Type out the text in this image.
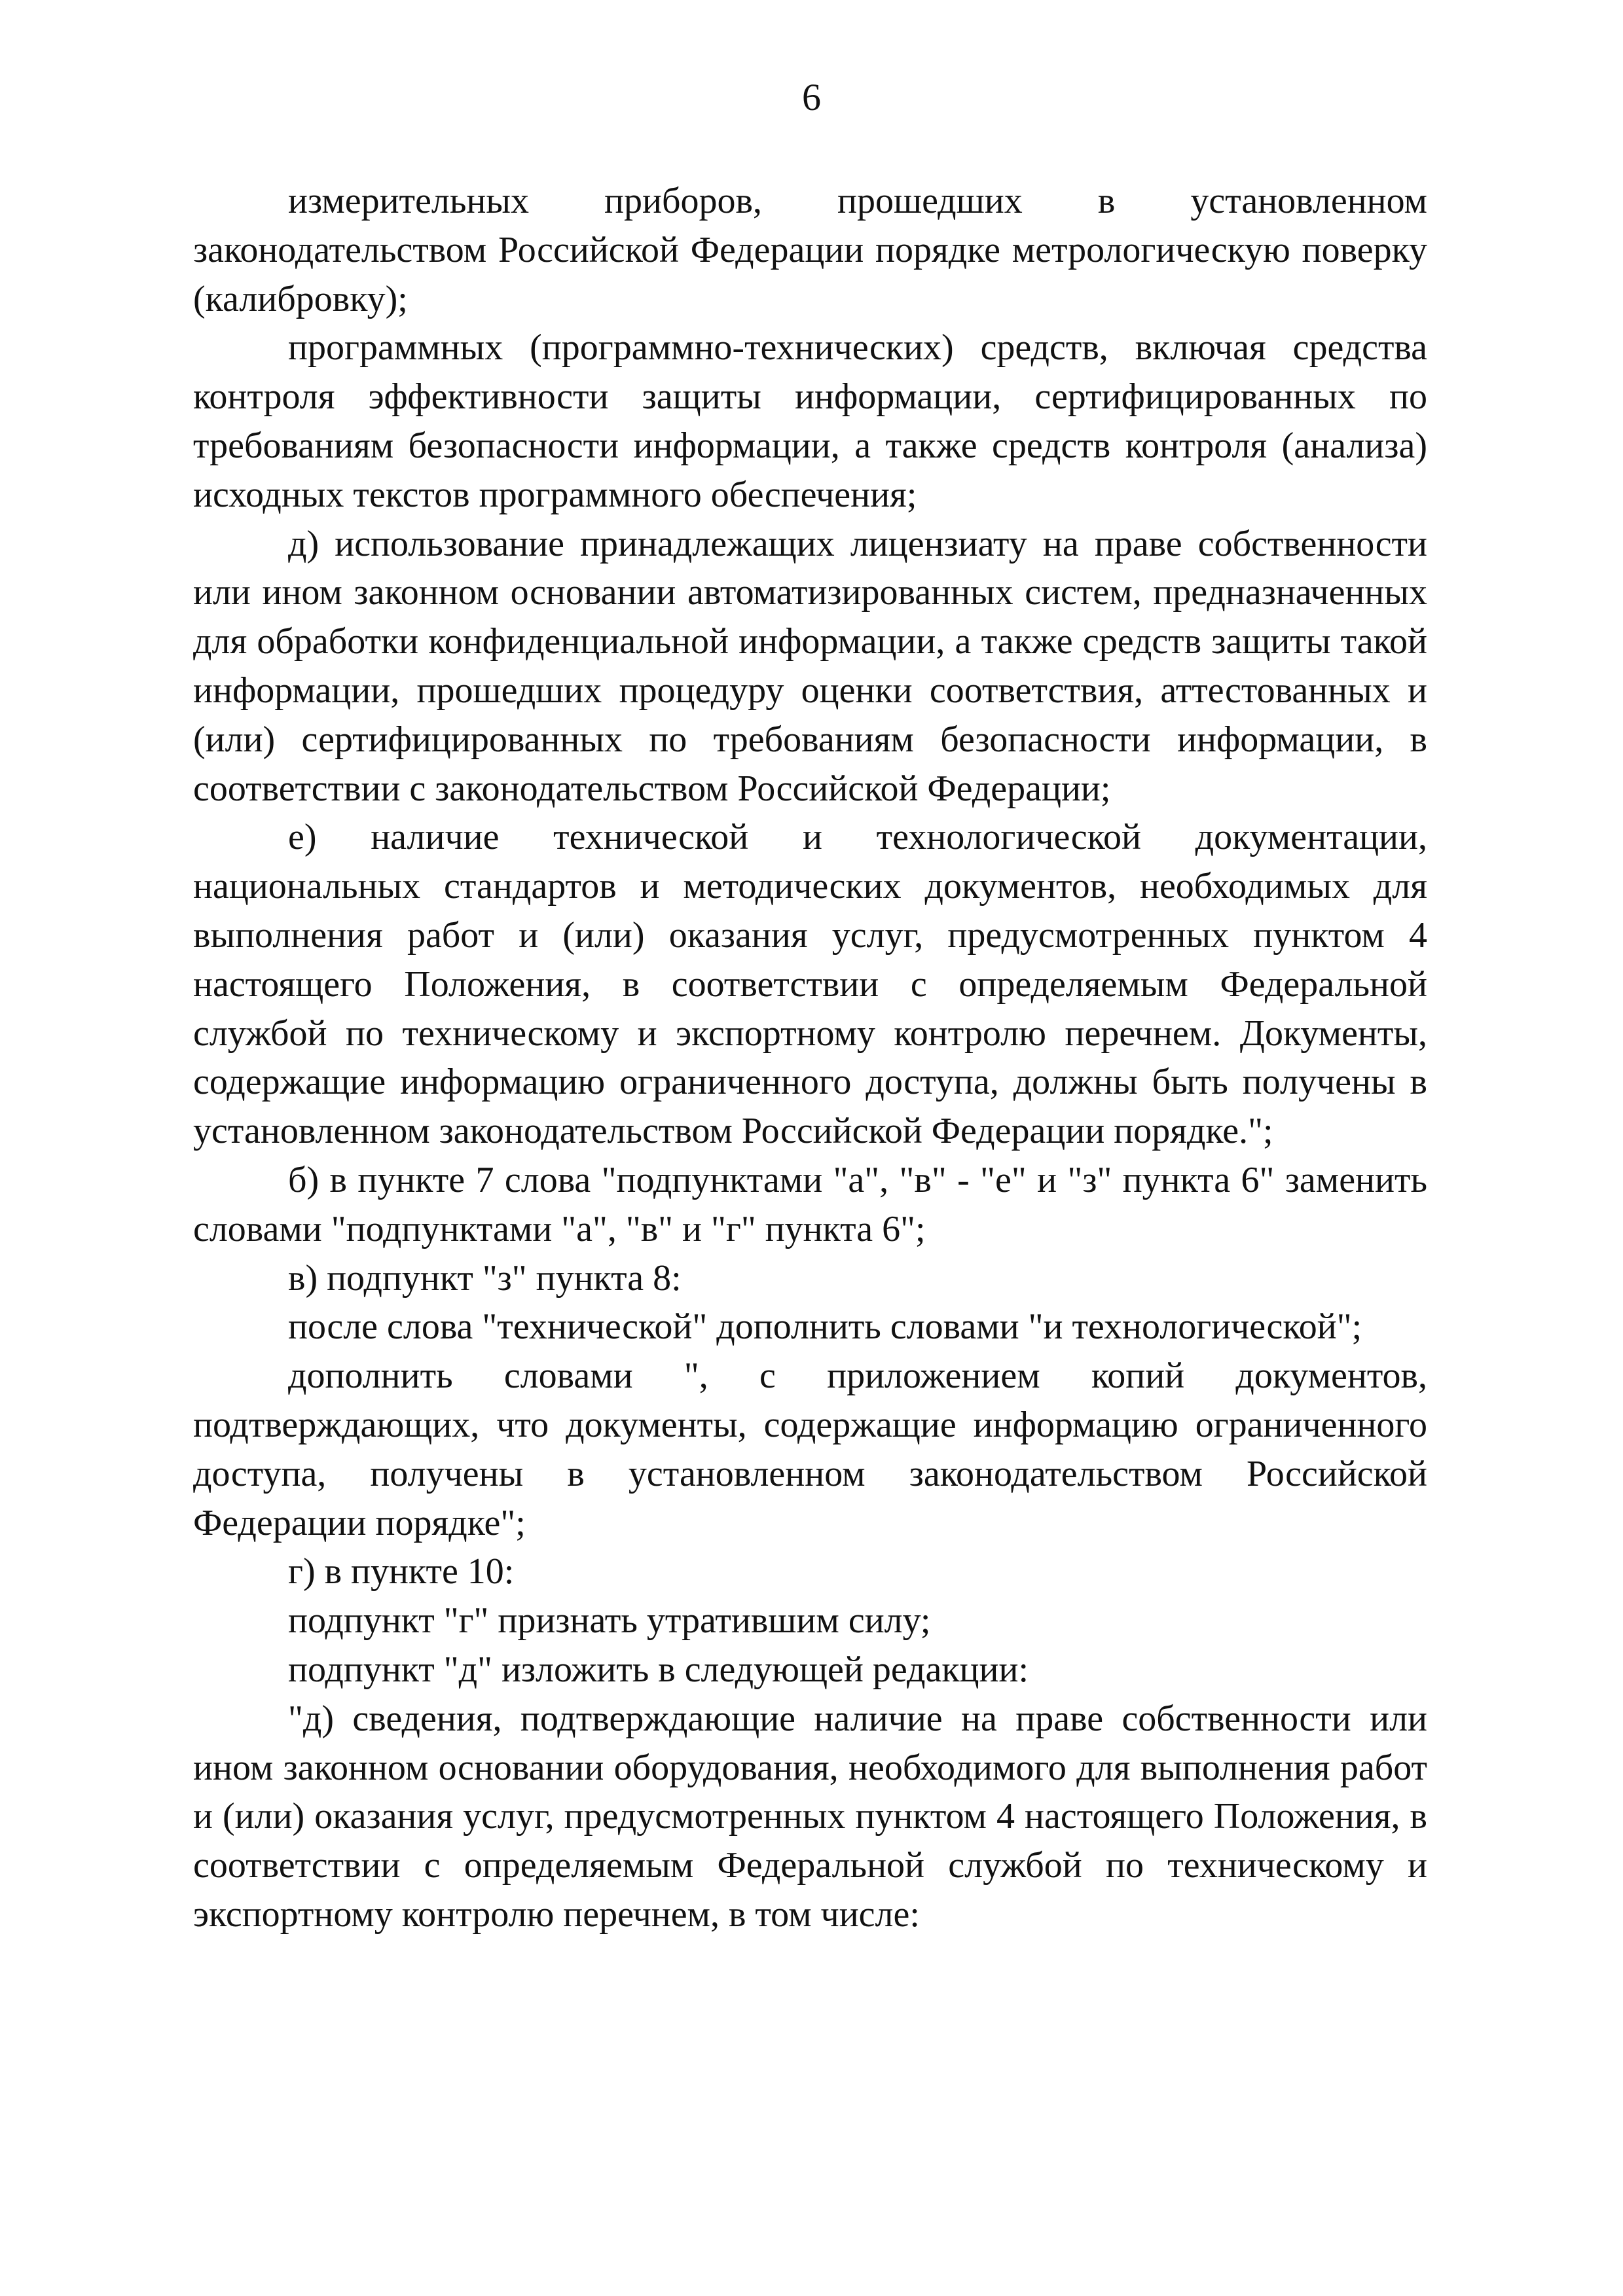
6

измерительных приборов, прошедших в установленном законодательством Российской Федерации порядке метрологическую поверку (калибровку);

программных (программно-технических) средств, включая средства контроля эффективности защиты информации, сертифицированных по требованиям безопасности информации, а также средств контроля (анализа) исходных текстов программного обеспечения;

д) использование принадлежащих лицензиату на праве собственности или ином законном основании автоматизированных систем, предназначенных для обработки конфиденциальной информации, а также средств защиты такой информации, прошедших процедуру оценки соответствия, аттестованных и (или) сертифицированных по требованиям безопасности информации, в соответствии с законодательством Российской Федерации;

е) наличие технической и технологической документации, национальных стандартов и методических документов, необходимых для выполнения работ и (или) оказания услуг, предусмотренных пунктом 4 настоящего Положения, в соответствии с определяемым Федеральной службой по техническому и экспортному контролю перечнем. Документы, содержащие информацию ограниченного доступа, должны быть получены в установленном законодательством Российской Федерации порядке.";

б) в пункте 7 слова "подпунктами "а", "в" - "е" и "з" пункта 6" заменить словами "подпунктами "а", "в" и "г" пункта 6";

в) подпункт "з" пункта 8:

после слова "технической" дополнить словами "и технологической";

дополнить словами ", с приложением копий документов, подтверждающих, что документы, содержащие информацию ограниченного доступа, получены в установленном законодательством Российской Федерации порядке";

г) в пункте 10:

подпункт "г" признать утратившим силу;

подпункт "д" изложить в следующей редакции:

"д) сведения, подтверждающие наличие на праве собственности или ином законном основании оборудования, необходимого для выполнения работ и (или) оказания услуг, предусмотренных пунктом 4 настоящего Положения, в соответствии с определяемым Федеральной службой по техническому и экспортному контролю перечнем, в том числе:
